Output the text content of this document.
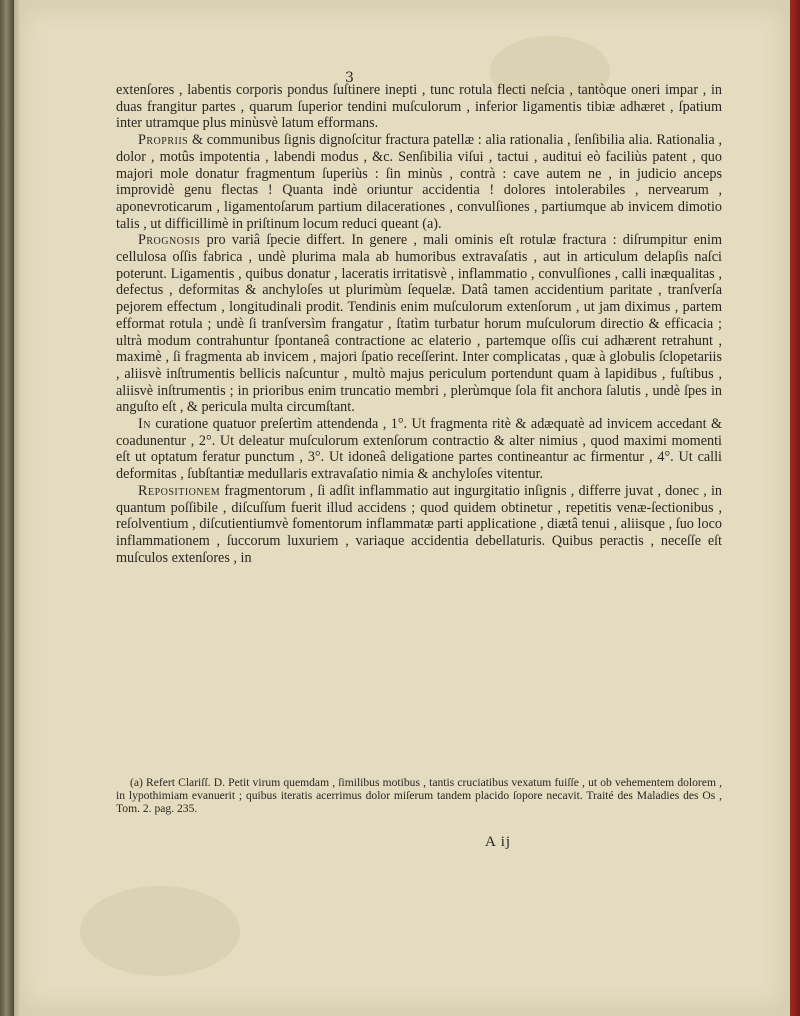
3

extenſores , labentis corporis pondus ſuſtinere inepti , tunc rotula flecti neſcia , tantòque oneri impar , in duas frangitur partes , quarum ſuperior tendini muſculorum , inferior ligamentis tibiæ adhæret , ſpatium inter utramque plus minùsvè latum efformans.

Propriis & communibus ſignis dignoſcitur fractura patellæ : alia rationalia , ſenſibilia alia. Rationalia , dolor , motûs impotentia , labendi modus , &c. Senſibilia viſui , tactui , auditui eò faciliùs patent , quo majori mole donatur fragmentum ſuperiùs : ſin minùs , contrà : cave autem ne , in judicio anceps improvidè genu flectas ! Quanta indè oriuntur accidentia ! dolores intolerabiles , nervearum , aponevroticarum , ligamentoſarum partium dilacerationes , convulſiones , partiumque ab invicem dimotio talis , ut difficillimè in priſtinum locum reduci queant (a).

Prognosis pro variâ ſpecie differt. In genere , mali ominis eſt rotulæ fractura : diſrumpitur enim cellulosa oſſis fabrica , undè plurima mala ab humoribus extravaſatis , aut in articulum delapſis naſci poterunt. Ligamentis , quibus donatur , laceratis irritatisvè , inflammatio , convulſiones , calli inæqualitas , defectus , deformitas & anchyloſes ut plurimùm ſequelæ. Datâ tamen accidentium paritate , tranſverſa pejorem effectum , longitudinali prodit. Tendinis enim muſculorum extenſorum , ut jam diximus , partem efformat rotula ; undè ſi tranſversìm frangatur , ſtatìm turbatur horum muſculorum directio & efficacia ; ultrà modum contrahuntur ſpontaneâ contractione ac elaterio , partemque oſſis cui adhærent retrahunt , maximè , ſi fragmenta ab invicem , majori ſpatio receſſerint. Inter complicatas , quæ à globulis ſclopetariis , aliisvè inſtrumentis bellicis naſcuntur , multò majus periculum portendunt quam à lapidibus , fuſtibus , aliisvè inſtrumentis ; in prioribus enim truncatio membri , plerùmque ſola fit anchora ſalutis , undè ſpes in anguſto eſt , & pericula multa circumſtant.

In curatione quatuor preſertìm attendenda , 1°. Ut fragmenta ritè & adæquatè ad invicem accedant & coadunentur , 2°. Ut deleatur muſculorum extenſorum contractio & alter nimius , quod maximi momenti eſt ut optatum feratur punctum , 3°. Ut idoneâ deligatione partes contineantur ac firmentur , 4°. Ut calli deformitas , ſubſtantiæ medullaris extravaſatio nimia & anchyloſes vitentur.

Repositionem fragmentorum , ſi adſit inflammatio aut ingurgitatio inſignis , differre juvat , donec , in quantum poſſibile , diſcuſſum fuerit illud accidens ; quod quidem obtinetur , repetitis venæ-ſectionibus , reſolventium , diſcutientiumvè fomentorum inflammatæ parti applicatione , diætâ tenui , aliisque , ſuo loco inflammationem , ſuccorum luxuriem , variaque accidentia debellaturis. Quibus peractis , neceſſe eſt muſculos extenſores , in

(a) Refert Clariſſ. D. Petit virum quemdam , ſimilibus motibus , tantis cruciatibus vexatum fuiſſe , ut ob vehementem dolorem , in lypothimiam evanuerit ; quibus iteratis acerrimus dolor miſerum tandem placido ſopore necavit. Traité des Maladies des Os , Tom. 2. pag. 235.
A ij
